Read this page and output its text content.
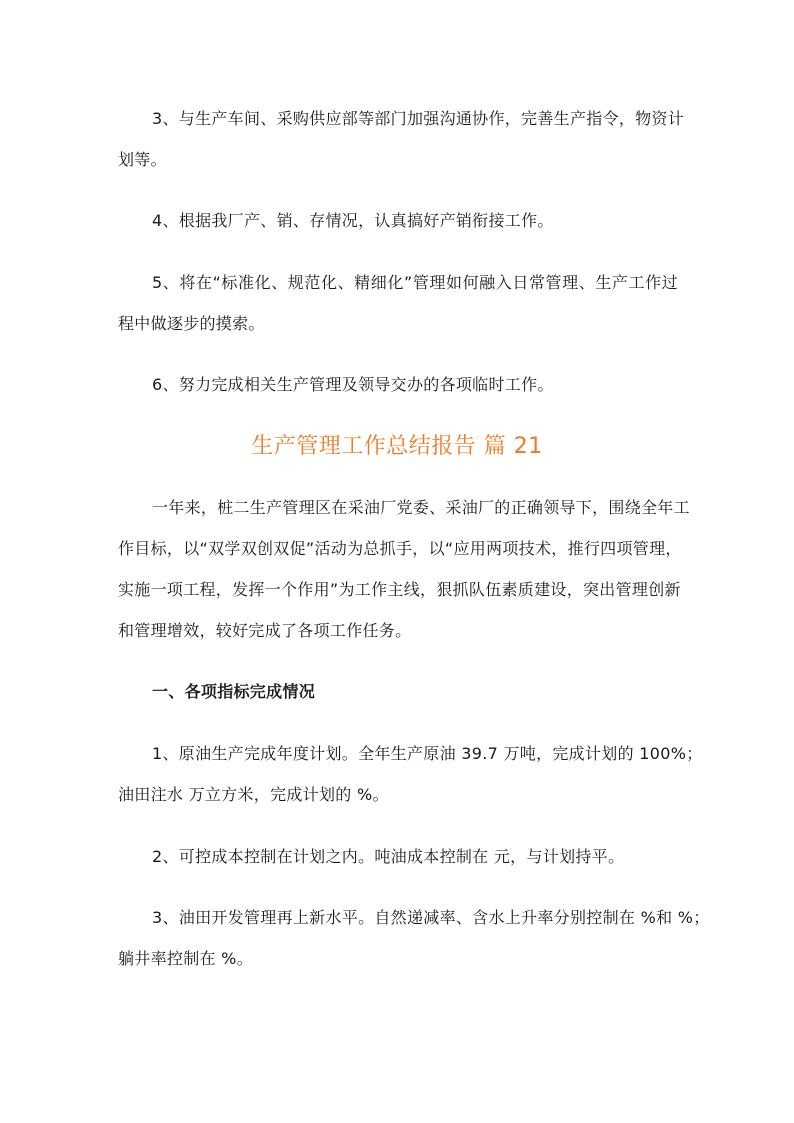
3、与生产车间、采购供应部等部门加强沟通协作，完善生产指令，物资计
划等。
4、根据我厂产、销、存情况，认真搞好产销衔接工作。
5、将在“标准化、规范化、精细化”管理如何融入日常管理、生产工作过
程中做逐步的摸索。
6、努力完成相关生产管理及领导交办的各项临时工作。
生产管理工作总结报告 篇 21
一年来，桩二生产管理区在采油厂党委、采油厂的正确领导下，围绕全年工
作目标，以“双学双创双促”活动为总抓手，以“应用两项技术，推行四项管理，
实施一项工程，发挥一个作用”为工作主线，狠抓队伍素质建设，突出管理创新
和管理增效，较好完成了各项工作任务。
一、各项指标完成情况
1、原油生产完成年度计划。全年生产原油 39.7 万吨，完成计划的 100%；
油田注水 万立方米，完成计划的 %。
2、可控成本控制在计划之内。吨油成本控制在 元，与计划持平。
3、油田开发管理再上新水平。自然递减率、含水上升率分别控制在 %和 %；
躺井率控制在 %。
